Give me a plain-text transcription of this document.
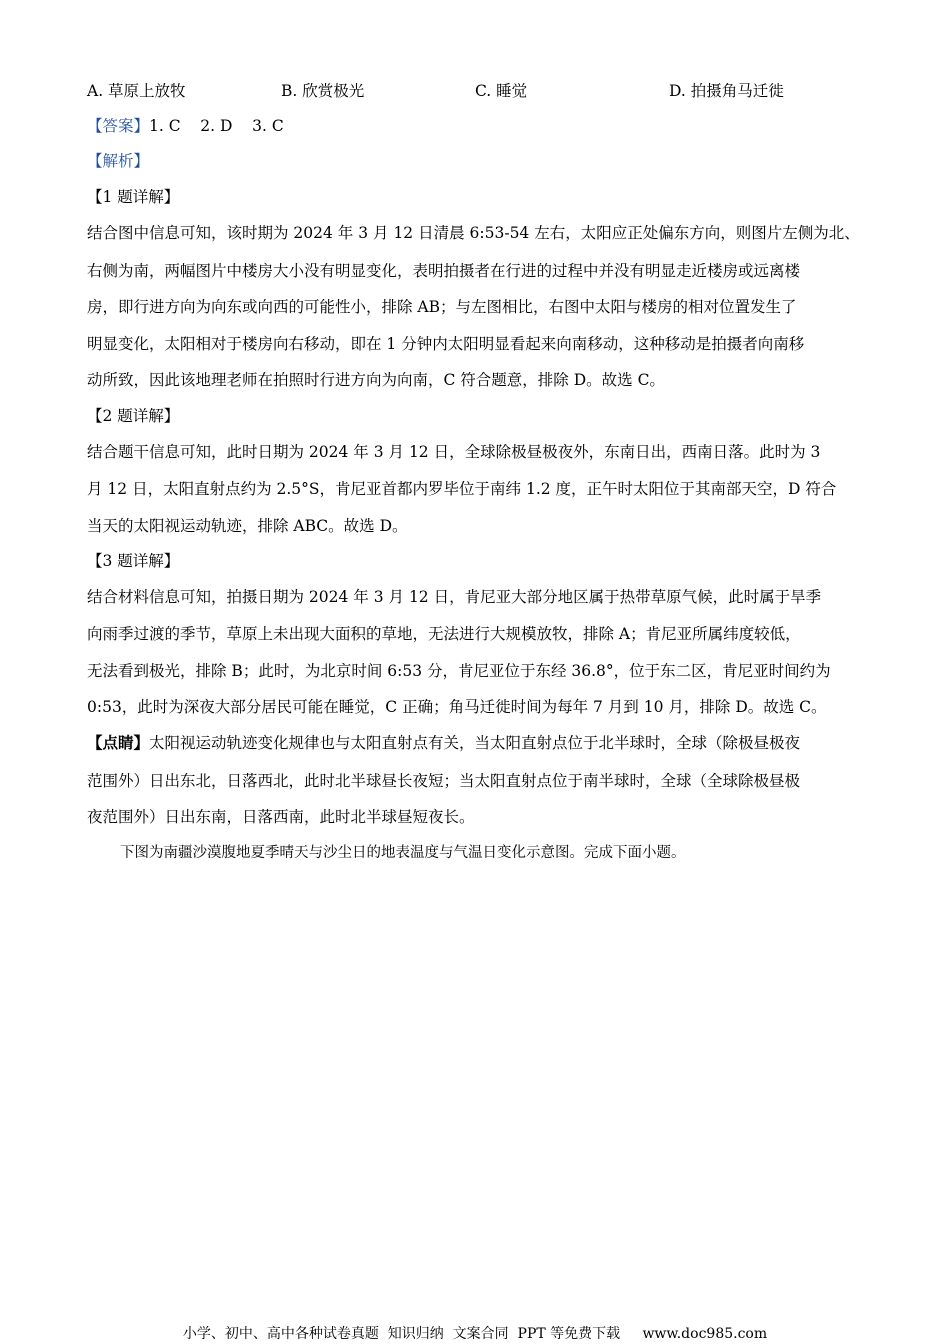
A. 草原上放牧	B. 欣赏极光	C. 睡觉	D. 拍摄角马迁徙
【答案】1. C    2. D    3. C
【解析】
【1 题详解】
结合图中信息可知，该时期为 2024 年 3 月 12 日清晨 6:53-54 左右，太阳应正处偏东方向，则图片左侧为北、
右侧为南，两幅图片中楼房大小没有明显变化，表明拍摄者在行进的过程中并没有明显走近楼房或远离楼
房，即行进方向为向东或向西的可能性小，排除 AB；与左图相比，右图中太阳与楼房的相对位置发生了
明显变化，太阳相对于楼房向右移动，即在 1 分钟内太阳明显看起来向南移动，这种移动是拍摄者向南移
动所致，因此该地理老师在拍照时行进方向为向南，C 符合题意，排除 D。故选 C。
【2 题详解】
结合题干信息可知，此时日期为 2024 年 3 月 12 日，全球除极昼极夜外，东南日出，西南日落。此时为 3
月 12 日，太阳直射点约为 2.5°S，肯尼亚首都内罗毕位于南纬 1.2 度，正午时太阳位于其南部天空，D 符合
当天的太阳视运动轨迹，排除 ABC。故选 D。
【3 题详解】
结合材料信息可知，拍摄日期为 2024 年 3 月 12 日，肯尼亚大部分地区属于热带草原气候，此时属于旱季
向雨季过渡的季节，草原上未出现大面积的草地，无法进行大规模放牧，排除 A；肯尼亚所属纬度较低，
无法看到极光，排除 B；此时，为北京时间 6:53 分，肯尼亚位于东经 36.8°，位于东二区，肯尼亚时间约为
0:53，此时为深夜大部分居民可能在睡觉，C 正确；角马迁徙时间为每年 7 月到 10 月，排除 D。故选 C。
【点睛】太阳视运动轨迹变化规律也与太阳直射点有关，当太阳直射点位于北半球时，全球（除极昼极夜
范围外）日出东北，日落西北，此时北半球昼长夜短；当太阳直射点位于南半球时，全球（全球除极昼极
夜范围外）日出东南，日落西南，此时北半球昼短夜长。
下图为南疆沙漠腹地夏季晴天与沙尘日的地表温度与气温日变化示意图。完成下面小题。
小学、初中、高中各种试卷真题  知识归纳  文案合同  PPT 等免费下载     www.doc985.com
